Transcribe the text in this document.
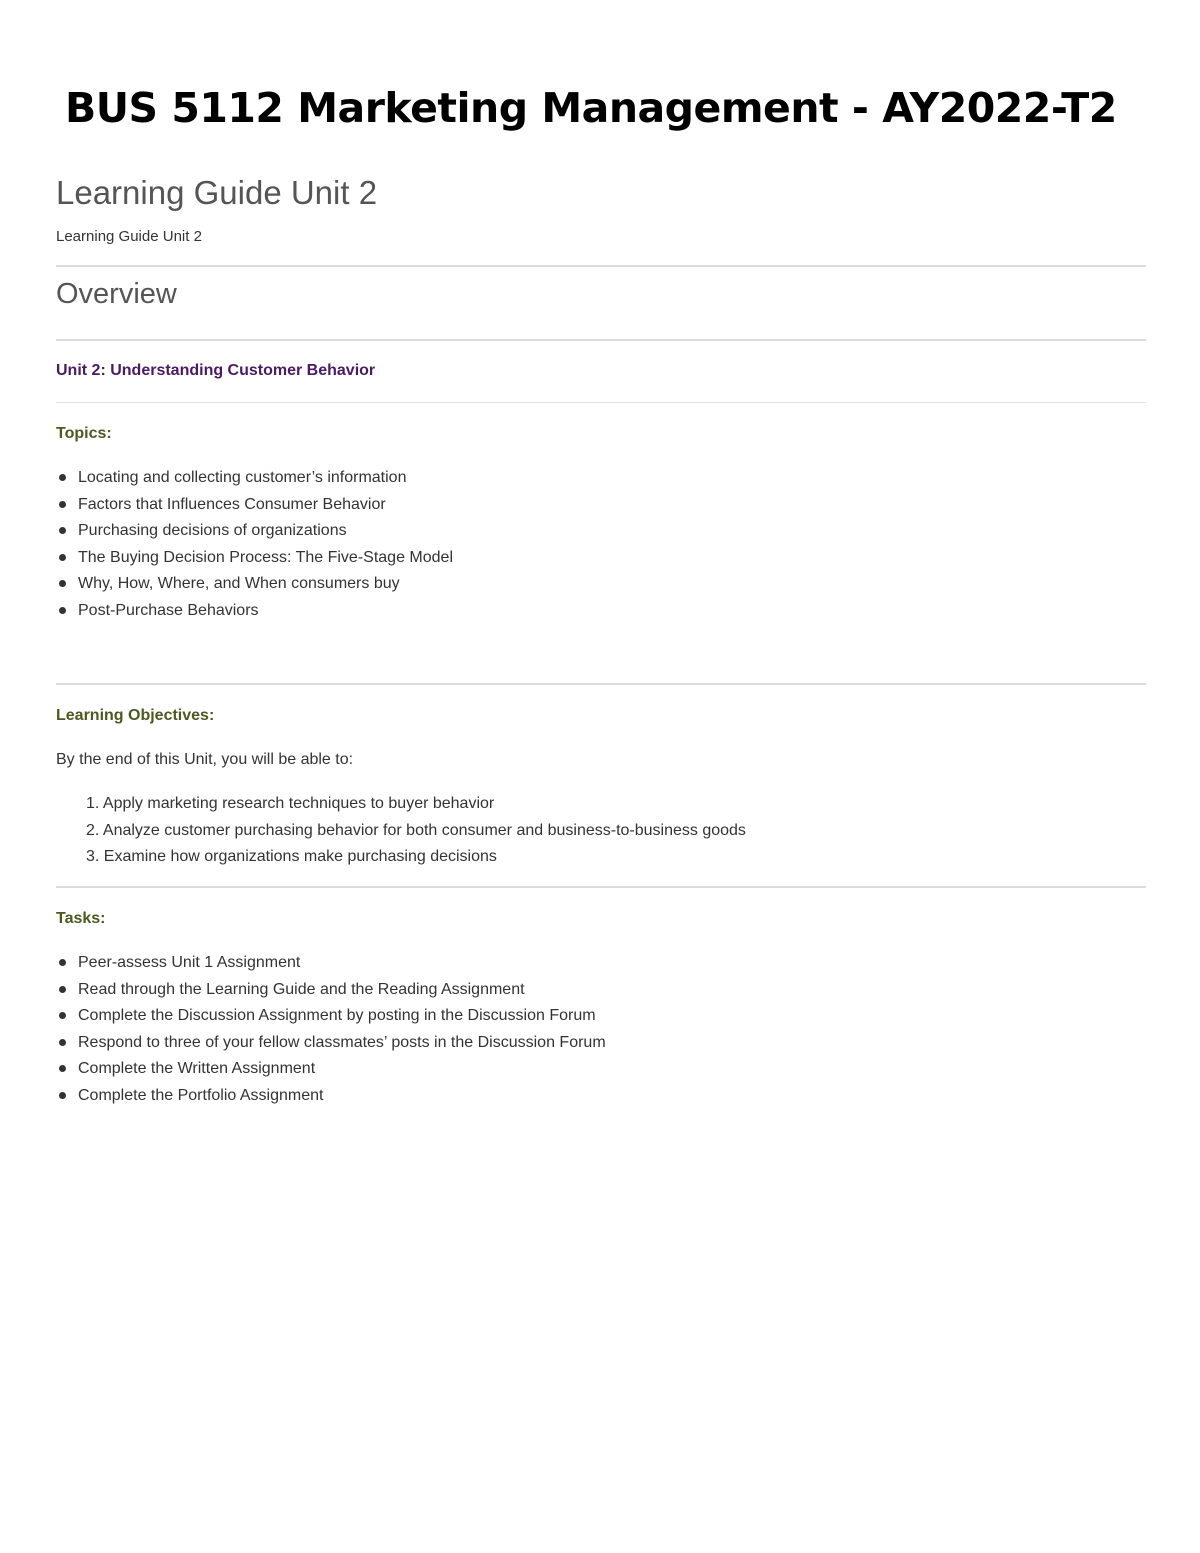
BUS 5112 Marketing Management - AY2022-T2
Learning Guide Unit 2
Learning Guide Unit 2
Overview
Unit 2: Understanding Customer Behavior
Topics:
Locating and collecting customer’s information
Factors that Influences Consumer Behavior
Purchasing decisions of organizations
The Buying Decision Process: The Five-Stage Model
Why, How, Where, and When consumers buy
Post-Purchase Behaviors
Learning Objectives:
By the end of this Unit, you will be able to:
1. Apply marketing research techniques to buyer behavior
2. Analyze customer purchasing behavior for both consumer and business-to-business goods
3. Examine how organizations make purchasing decisions
Tasks:
Peer-assess Unit 1 Assignment
Read through the Learning Guide and the Reading Assignment
Complete the Discussion Assignment by posting in the Discussion Forum
Respond to three of your fellow classmates’ posts in the Discussion Forum
Complete the Written Assignment
Complete the Portfolio Assignment
